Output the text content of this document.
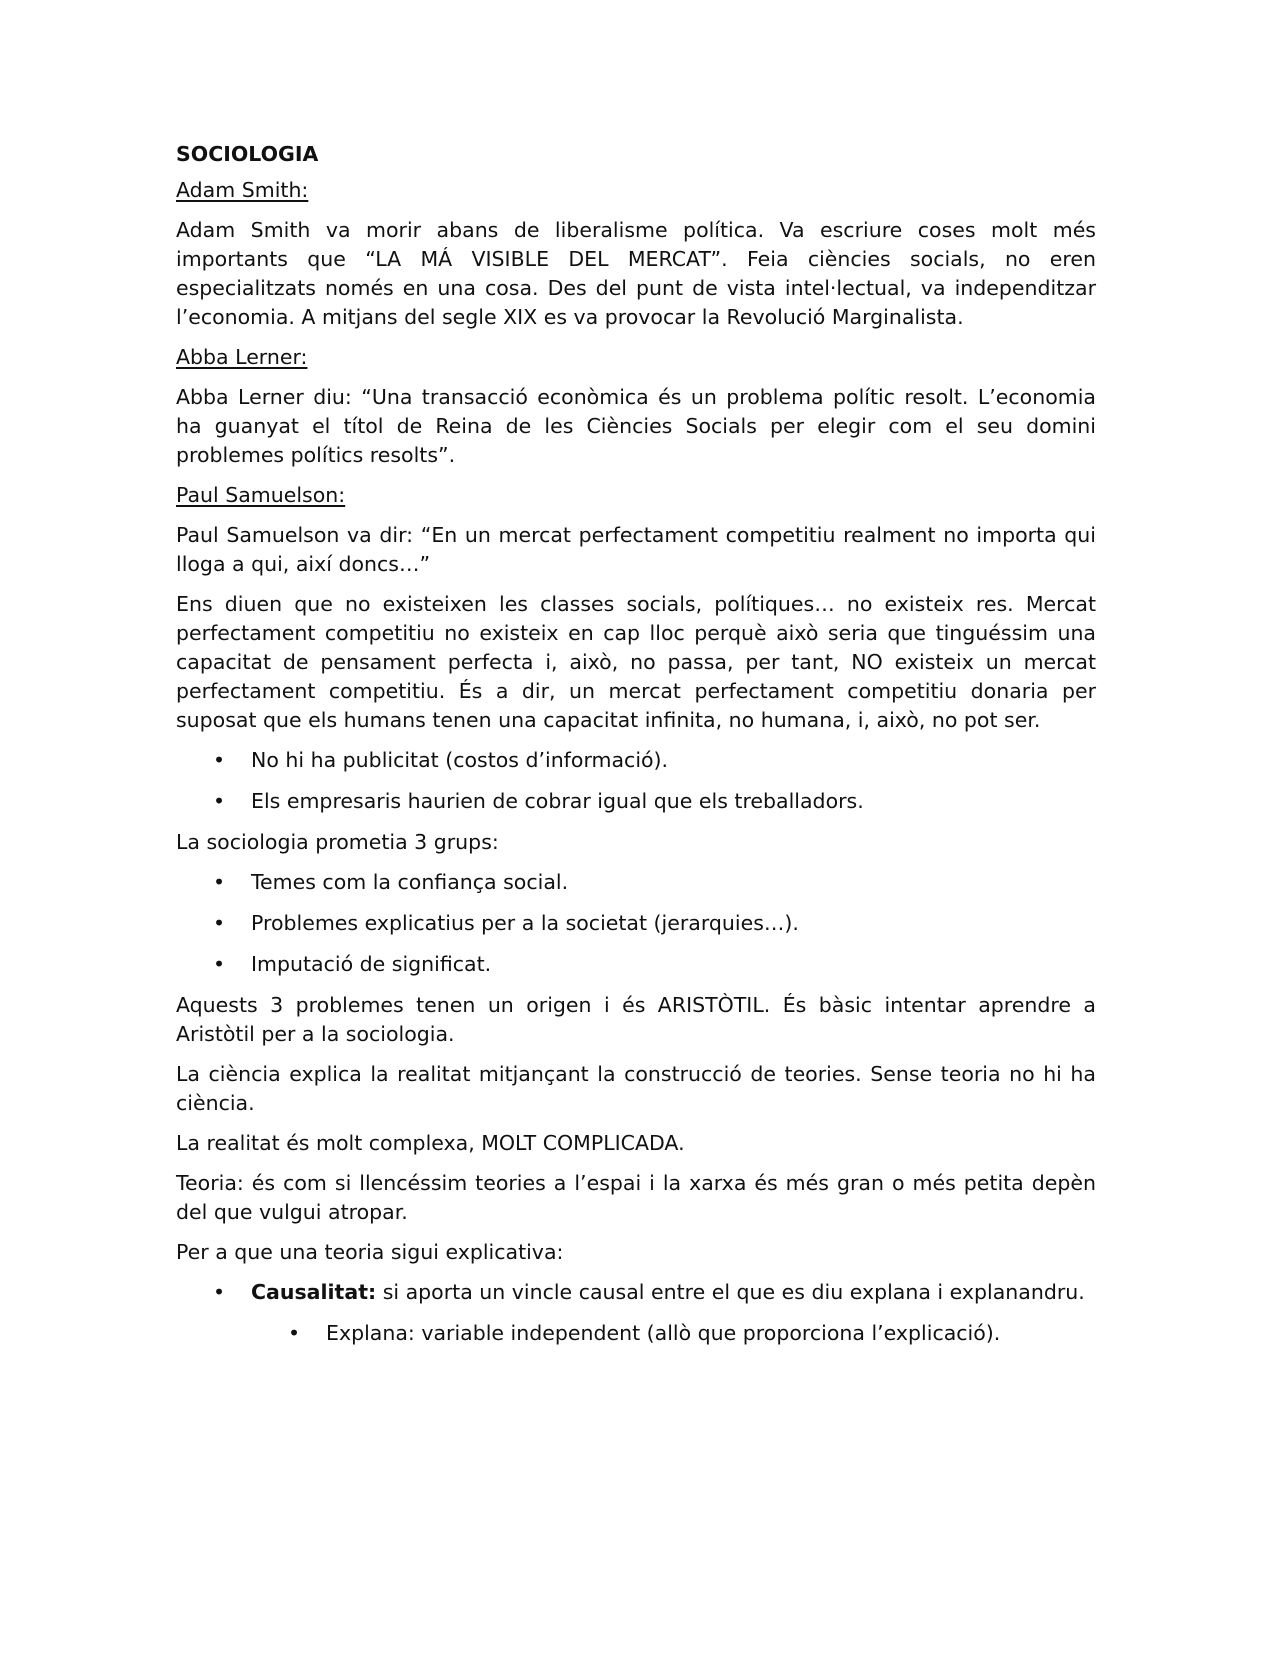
SOCIOLOGIA
Adam Smith:

Adam Smith va morir abans de liberalisme política. Va escriure coses molt més importants que “LA MÁ VISIBLE DEL MERCAT”. Feia ciències socials, no eren especialitzats només en una cosa. Des del punt de vista intel·lectual, va independitzar l’economia. A mitjans del segle XIX es va provocar la Revolució Marginalista.

Abba Lerner:

Abba Lerner diu: “Una transacció econòmica és un problema polític resolt. L’economia ha guanyat el títol de Reina de les Ciències Socials per elegir com el seu domini problemes polítics resolts”.

Paul Samuelson:

Paul Samuelson va dir: “En un mercat perfectament competitiu realment no importa qui lloga a qui, així doncs…”

Ens diuen que no existeixen les classes socials, polítiques… no existeix res. Mercat perfectament competitiu no existeix en cap lloc perquè això seria que tinguéssim una capacitat de pensament perfecta i, això, no passa, per tant, NO existeix un mercat perfectament competitiu. És a dir, un mercat perfectament competitiu donaria per suposat que els humans tenen una capacitat infinita, no humana, i, això, no pot ser.

• No hi ha publicitat (costos d’informació).
• Els empresaris haurien de cobrar igual que els treballadors.

La sociologia prometia 3 grups:

• Temes com la confiança social.
• Problemes explicatius per a la societat (jerarquies…).
• Imputació de significat.

Aquests 3 problemes tenen un origen i és ARISTÒTIL. És bàsic intentar aprendre a Aristòtil per a la sociologia.

La ciència explica la realitat mitjançant la construcció de teories. Sense teoria no hi ha ciència.

La realitat és molt complexa, MOLT COMPLICADA.

Teoria: és com si llencéssim teories a l’espai i la xarxa és més gran o més petita depèn del que vulgui atropar.

Per a que una teoria sigui explicativa:

• Causalitat: si aporta un vincle causal entre el que es diu explana i explanandru.
• Explana: variable independent (allò que proporciona l’explicació).
